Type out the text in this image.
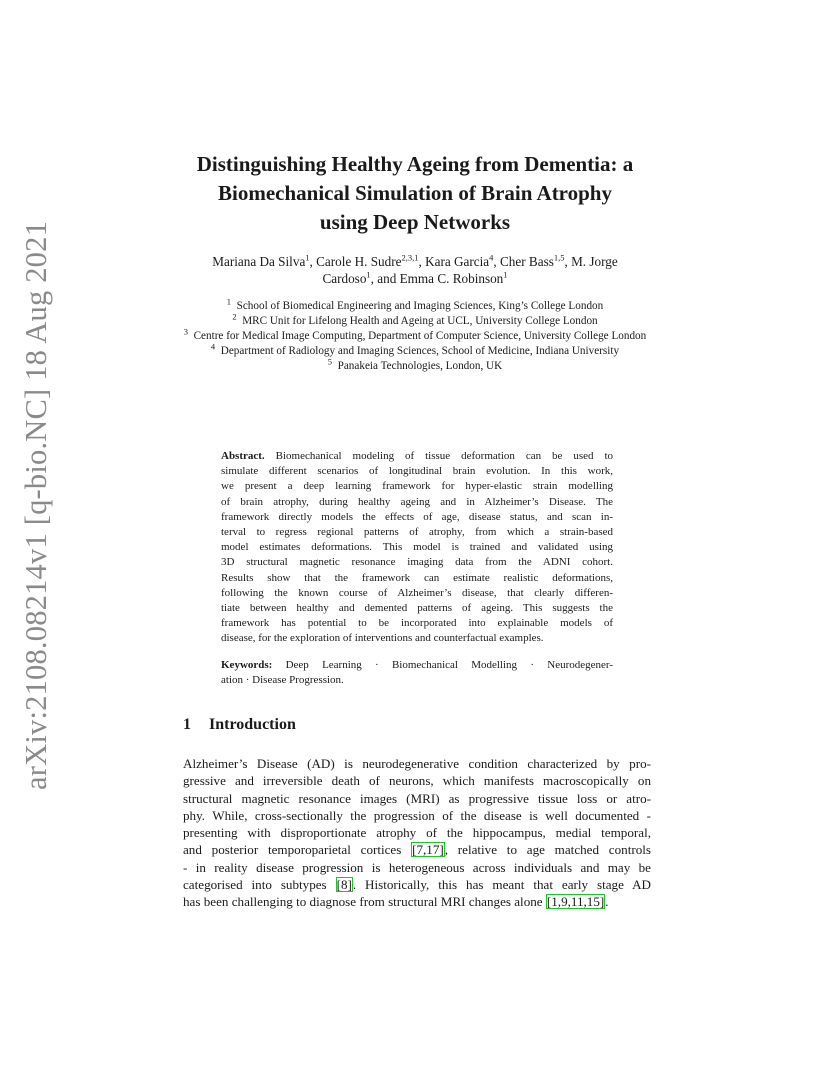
arXiv:2108.08214v1 [q-bio.NC] 18 Aug 2021
Distinguishing Healthy Ageing from Dementia: a
Biomechanical Simulation of Brain Atrophy
using Deep Networks
Mariana Da Silva$^1$, Carole H. Sudre$^{2,3,1}$, Kara Garcia$^4$, Cher Bass$^{1,5}$, M. Jorge
Cardoso$^1$, and Emma C. Robinson$^1$
$^1$ School of Biomedical Engineering and Imaging Sciences, King’s College London
$^2$ MRC Unit for Lifelong Health and Ageing at UCL, University College London
$^3$ Centre for Medical Image Computing, Department of Computer Science, University College London
$^4$ Department of Radiology and Imaging Sciences, School of Medicine, Indiana University
$^5$ Panakeia Technologies, London, UK
Abstract. Biomechanical modeling of tissue deformation can be used to
simulate different scenarios of longitudinal brain evolution. In this work,
we present a deep learning framework for hyper-elastic strain modelling
of brain atrophy, during healthy ageing and in Alzheimer’s Disease. The
framework directly models the effects of age, disease status, and scan in-
terval to regress regional patterns of atrophy, from which a strain-based
model estimates deformations. This model is trained and validated using
3D structural magnetic resonance imaging data from the ADNI cohort.
Results show that the framework can estimate realistic deformations,
following the known course of Alzheimer’s disease, that clearly differen-
tiate between healthy and demented patterns of ageing. This suggests the
framework has potential to be incorporated into explainable models of
disease, for the exploration of interventions and counterfactual examples.
Keywords: Deep Learning · Biomechanical Modelling · Neurodegener-
ation · Disease Progression.
1 Introduction
Alzheimer’s Disease (AD) is neurodegenerative condition characterized by pro-
gressive and irreversible death of neurons, which manifests macroscopically on
structural magnetic resonance images (MRI) as progressive tissue loss or atro-
phy. While, cross-sectionally the progression of the disease is well documented -
presenting with disproportionate atrophy of the hippocampus, medial temporal,
and posterior temporoparietal cortices [7,17], relative to age matched controls
- in reality disease progression is heterogeneous across individuals and may be
categorised into subtypes [8]. Historically, this has meant that early stage AD
has been challenging to diagnose from structural MRI changes alone [1,9,11,15].
